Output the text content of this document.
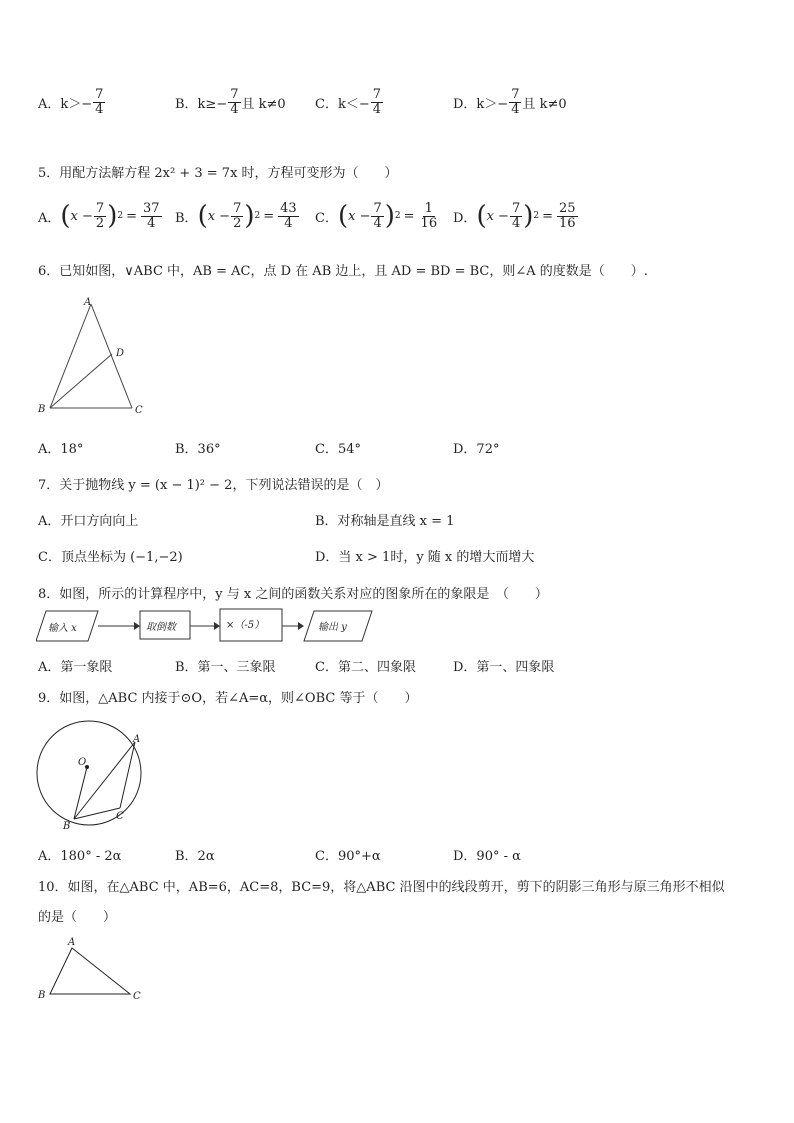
A．$k>- \frac{7}{4}$	B．$k\ge- \frac{7}{4}$ 且 k≠0 C．$k<- \frac{7}{4}$	D．$k>- \frac{7}{4}$ 且 k≠0
5．用配方法解方程 2x² + 3 = 7x 时，方程可变形为（　　）
A． ( $x - \frac{7}{2}$ ) $2 = \frac{37}{4}$ B． ( $x - \frac{7}{2}$ ) $2 = \frac{43}{4}$ C． ( $x - \frac{7}{4}$ ) $2 = \frac{1}{16}$ D． ( $x - \frac{7}{4}$ ) $2 = \frac{25}{16}$
6．已知如图，∨ABC 中，AB = AC，点 D 在 AB 边上，且 AD = BD = BC，则∠A 的度数是（　　）.
A
D
B	C
A．18°	B．36°	C．54°	D．72°
7．关于抛物线 y = (x − 1)² − 2，下列说法错误的是（　）
A．开口方向向上	B．对称轴是直线 x = 1
C．顶点坐标为 (−1,−2)	D．当 x > 1时，y 随 x 的增大而增大
8．如图，所示的计算程序中，y 与 x 之间的函数关系对应的图象所在的象限是　（　　）
输入 x	取倒数	×（-5）	输出 y
A．第一象限	B．第一、三象限	C．第二、四象限	D．第一、四象限
9．如图，△ABC 内接于⊙O，若∠A=α，则∠OBC 等于（　　）
O
A
B
C
A．180° - 2α	B．2α	C．90°+α	D．90° - α
10．如图，在△ABC 中，AB=6，AC=8，BC=9，将△ABC 沿图中的线段剪开，剪下的阴影三角形与原三角形不相似
的是（　　）
A
B	C
